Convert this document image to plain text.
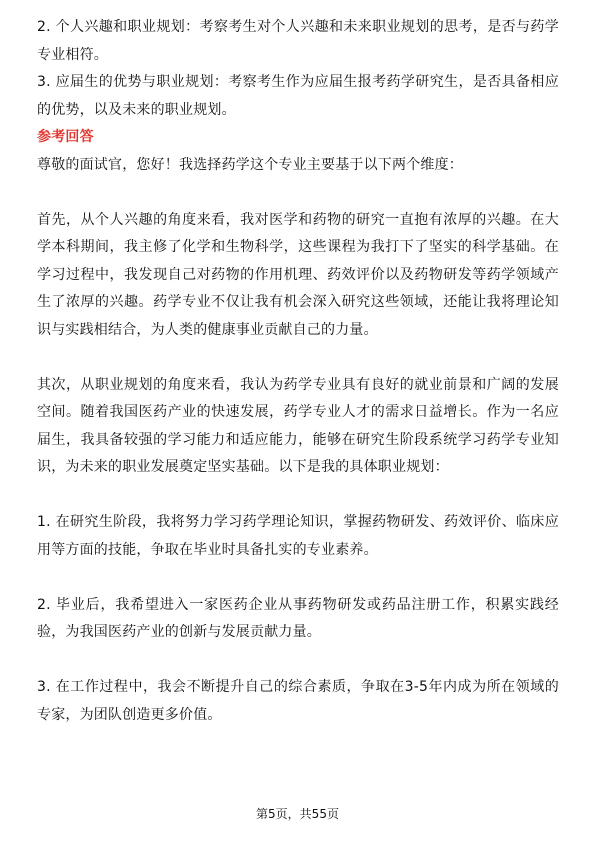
2. 个人兴趣和职业规划：考察考生对个人兴趣和未来职业规划的思考，是否与药学专业相符。

3. 应届生的优势与职业规划：考察考生作为应届生报考药学研究生，是否具备相应的优势，以及未来的职业规划。

参考回答

尊敬的面试官，您好！我选择药学这个专业主要基于以下两个维度：

首先，从个人兴趣的角度来看，我对医学和药物的研究一直抱有浓厚的兴趣。在大学本科期间，我主修了化学和生物科学，这些课程为我打下了坚实的科学基础。在学习过程中，我发现自己对药物的作用机理、药效评价以及药物研发等药学领域产生了浓厚的兴趣。药学专业不仅让我有机会深入研究这些领域，还能让我将理论知识与实践相结合，为人类的健康事业贡献自己的力量。

其次，从职业规划的角度来看，我认为药学专业具有良好的就业前景和广阔的发展空间。随着我国医药产业的快速发展，药学专业人才的需求日益增长。作为一名应届生，我具备较强的学习能力和适应能力，能够在研究生阶段系统学习药学专业知识，为未来的职业发展奠定坚实基础。以下是我的具体职业规划：

1. 在研究生阶段，我将努力学习药学理论知识，掌握药物研发、药效评价、临床应用等方面的技能，争取在毕业时具备扎实的专业素养。

2. 毕业后，我希望进入一家医药企业从事药物研发或药品注册工作，积累实践经验，为我国医药产业的创新与发展贡献力量。

3. 在工作过程中，我会不断提升自己的综合素质，争取在3-5年内成为所在领域的专家，为团队创造更多价值。

第5页，共55页
